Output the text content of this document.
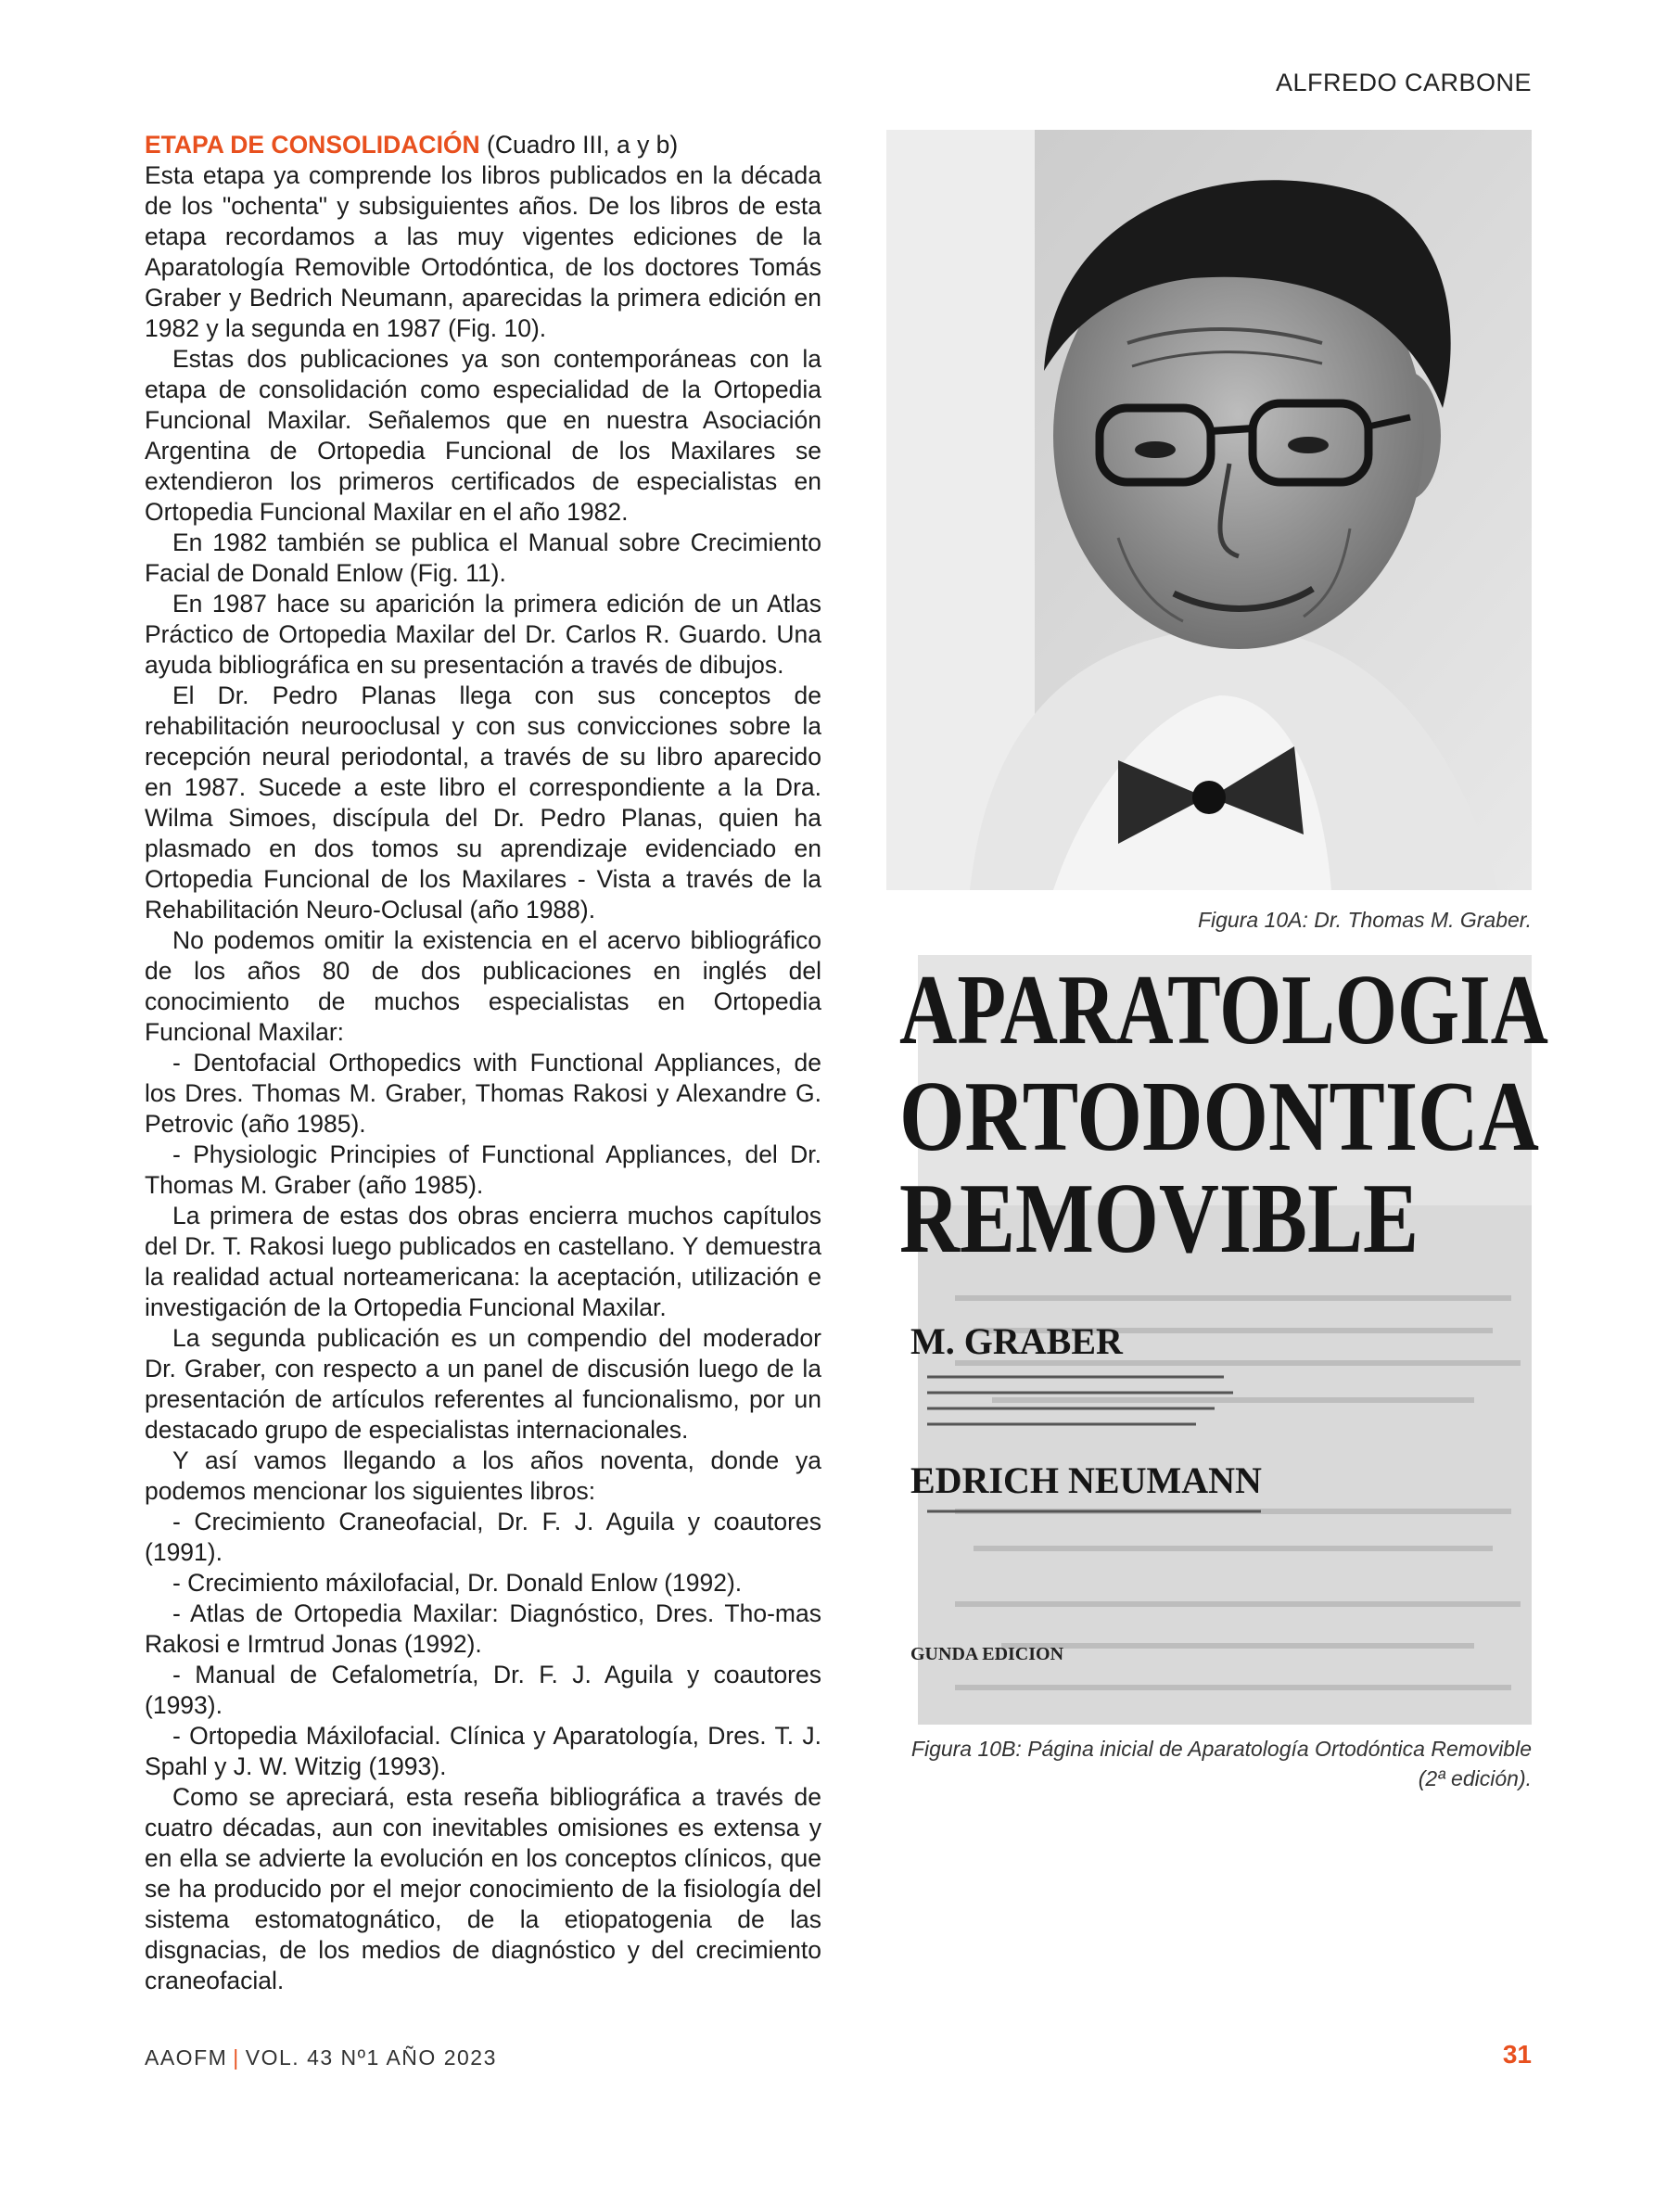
ALFREDO CARBONE

ETAPA DE CONSOLIDACIÓN (Cuadro III, a y b)

Esta etapa ya comprende los libros publicados en la década de los "ochenta" y subsiguientes años. De los libros de esta etapa recordamos a las muy vigentes ediciones de la Aparatología Removible Ortodóntica, de los doctores Tomás Graber y Bedrich Neumann, aparecidas la primera edición en 1982 y la segunda en 1987 (Fig. 10).

Estas dos publicaciones ya son contemporáneas con la etapa de consolidación como especialidad de la Ortopedia Funcional Maxilar. Señalemos que en nuestra Asociación Argentina de Ortopedia Funcional de los Maxilares se extendieron los primeros certificados de especialistas en Ortopedia Funcional Maxilar en el año 1982.

En 1982 también se publica el Manual sobre Crecimiento Facial de Donald Enlow (Fig. 11).

En 1987 hace su aparición la primera edición de un Atlas Práctico de Ortopedia Maxilar del Dr. Carlos R. Guardo. Una ayuda bibliográfica en su presentación a través de dibujos.

El Dr. Pedro Planas llega con sus conceptos de rehabilitación neurooclusal y con sus convicciones sobre la recepción neural periodontal, a través de su libro aparecido en 1987. Sucede a este libro el correspondiente a la Dra. Wilma Simoes, discípula del Dr. Pedro Planas, quien ha plasmado en dos tomos su aprendizaje evidenciado en Ortopedia Funcional de los Maxilares - Vista a través de la Rehabilitación Neuro-Oclusal (año 1988).

No podemos omitir la existencia en el acervo bibliográfico de los años 80 de dos publicaciones en inglés del conocimiento de muchos especialistas en Ortopedia Funcional Maxilar:

- Dentofacial Orthopedics with Functional Appliances, de los Dres. Thomas M. Graber, Thomas Rakosi y Alexandre G. Petrovic (año 1985).

- Physiologic Principies of Functional Appliances, del Dr. Thomas M. Graber (año 1985).

La primera de estas dos obras encierra muchos capítulos del Dr. T. Rakosi luego publicados en castellano. Y demuestra la realidad actual norteamericana: la aceptación, utilización e investigación de la Ortopedia Funcional Maxilar.

La segunda publicación es un compendio del moderador Dr. Graber, con respecto a un panel de discusión luego de la presentación de artículos referentes al funcionalismo, por un destacado grupo de especialistas internacionales.

Y así vamos llegando a los años noventa, donde ya podemos mencionar los siguientes libros:

- Crecimiento Craneofacial, Dr. F. J. Aguila y coautores (1991).

- Crecimiento máxilofacial, Dr. Donald Enlow (1992).

- Atlas de Ortopedia Maxilar: Diagnóstico, Dres. Tho-mas Rakosi e Irmtrud Jonas (1992).

- Manual de Cefalometría, Dr. F. J. Aguila y coautores (1993).

- Ortopedia Máxilofacial. Clínica y Aparatología, Dres. T. J. Spahl y J. W. Witzig (1993).

Como se apreciará, esta reseña bibliográfica a través de cuatro décadas, aun con inevitables omisiones es extensa y en ella se advierte la evolución en los conceptos clínicos, que se ha producido por el mejor conocimiento de la fisiología del sistema estomatognático, de la etiopatogenia de las disgnacias, de los medios de diagnóstico y del crecimiento craneofacial.

Figura 10A: Dr. Thomas M. Graber.
APARATOLOGIA
ORTODONTICA
REMOVIBLE
M. GRABER
EDRICH NEUMANN
GUNDA EDICION
Figura 10B: Página inicial de Aparatología Ortodóntica Removible
(2ª edición).
AAOFM | VOL. 43 Nº1 AÑO 2023	31
